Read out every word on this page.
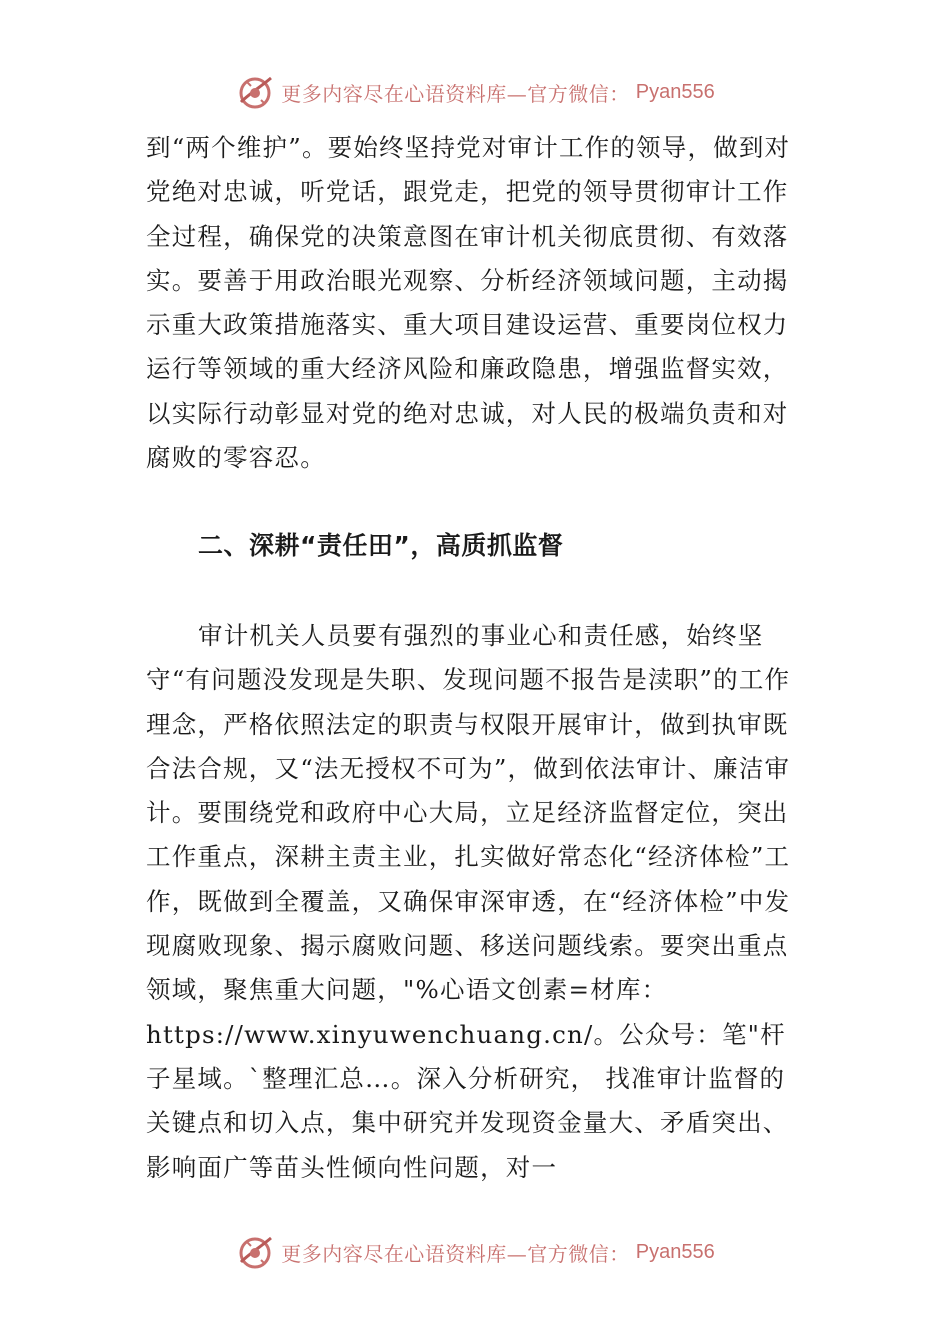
更多内容尽在心语资料库—官方微信： Pyan556

到“两个维护”。要始终坚持党对审计工作的领导，做到对党绝对忠诚，听党话，跟党走，把党的领导贯彻审计工作全过程，确保党的决策意图在审计机关彻底贯彻、有效落实。要善于用政治眼光观察、分析经济领域问题，主动揭示重大政策措施落实、重大项目建设运营、重要岗位权力运行等领域的重大经济风险和廉政隐患，增强监督实效，以实际行动彰显对党的绝对忠诚，对人民的极端负责和对腐败的零容忍。

二、深耕“责任田”，高质抓监督

审计机关人员要有强烈的事业心和责任感，始终坚守“有问题没发现是失职、发现问题不报告是渎职”的工作理念，严格依照法定的职责与权限开展审计，做到执审既合法合规，又“法无授权不可为”，做到依法审计、廉洁审计。要围绕党和政府中心大局，立足经济监督定位，突出工作重点，深耕主责主业，扎实做好常态化“经济体检”工作，既做到全覆盖，又确保审深审透，在“经济体检”中发现腐败现象、揭示腐败问题、移送问题线索。要突出重点领域，聚焦重大问题，"%心语文创素=材库：https://www.xinyuwenchuang.cn/。公众号：笔"杆子星域。`整理汇总…。深入分析研究， 找准审计监督的关键点和切入点，集中研究并发现资金量大、矛盾突出、影响面广等苗头性倾向性问题，对一

更多内容尽在心语资料库—官方微信： Pyan556
